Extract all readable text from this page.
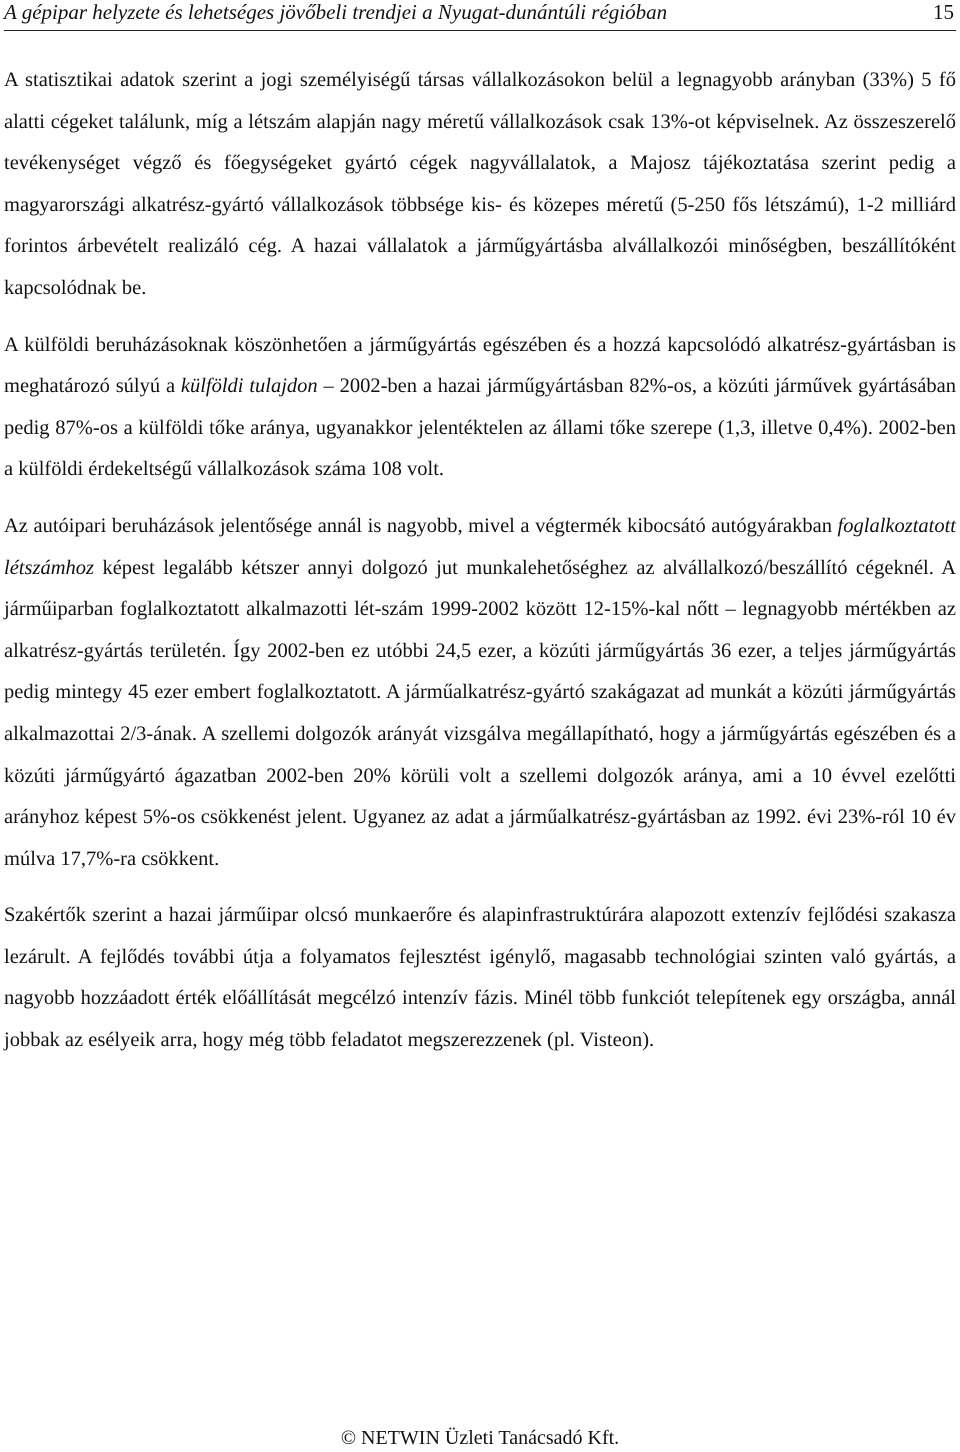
A gépipar helyzete és lehetséges jövőbeli trendjei a Nyugat-dunántúli régióban	15

A statisztikai adatok szerint a jogi személyiségű társas vállalkozásokon belül a legnagyobb arányban (33%) 5 fő alatti cégeket találunk, míg a létszám alapján nagy méretű vállalkozások csak 13%-ot képviselnek. Az összeszerelő tevékenységet végző és főegységeket gyártó cégek nagyvállalatok, a Majosz tájékoztatása szerint pedig a magyarországi alkatrész-gyártó vállalkozások többsége kis- és közepes méretű (5-250 fős létszámú), 1-2 milliárd forintos árbevételt realizáló cég. A hazai vállalatok a járműgyártásba alvállalkozói minőségben, beszállítóként kapcsolódnak be.

A külföldi beruházásoknak köszönhetően a járműgyártás egészében és a hozzá kapcsolódó alkatrész-gyártásban is meghatározó súlyú a külföldi tulajdon – 2002-ben a hazai járműgyártásban 82%-os, a közúti járművek gyártásában pedig 87%-os a külföldi tőke aránya, ugyanakkor jelentéktelen az állami tőke szerepe (1,3, illetve 0,4%). 2002-ben a külföldi érdekeltségű vállalkozások száma 108 volt.

Az autóipari beruházások jelentősége annál is nagyobb, mivel a végtermék kibocsátó autógyárakban foglalkoztatott létszámhoz képest legalább kétszer annyi dolgozó jut munkalehetőséghez az alvállalkozó/beszállító cégeknél. A járműiparban foglalkoztatott alkalmazotti lét-szám 1999-2002 között 12-15%-kal nőtt – legnagyobb mértékben az alkatrész-gyártás területén. Így 2002-ben ez utóbbi 24,5 ezer, a közúti járműgyártás 36 ezer, a teljes járműgyártás pedig mintegy 45 ezer embert foglalkoztatott. A járműalkatrész-gyártó szakágazat ad munkát a közúti járműgyártás alkalmazottai 2/3-ának. A szellemi dolgozók arányát vizsgálva megállapítható, hogy a járműgyártás egészében és a közúti járműgyártó ágazatban 2002-ben 20% körüli volt a szellemi dolgozók aránya, ami a 10 évvel ezelőtti arányhoz képest 5%-os csökkenést jelent. Ugyanez az adat a járműalkatrész-gyártásban az 1992. évi 23%-ról 10 év múlva 17,7%-ra csökkent.

Szakértők szerint a hazai járműipar olcsó munkaerőre és alapinfrastruktúrára alapozott extenzív fejlődési szakasza lezárult. A fejlődés további útja a folyamatos fejlesztést igénylő, magasabb technológiai szinten való gyártás, a nagyobb hozzáadott érték előállítását megcélzó intenzív fázis. Minél több funkciót telepítenek egy országba, annál jobbak az esélyeik arra, hogy még több feladatot megszerezzenek (pl. Visteon).

© NETWIN Üzleti Tanácsadó Kft.
